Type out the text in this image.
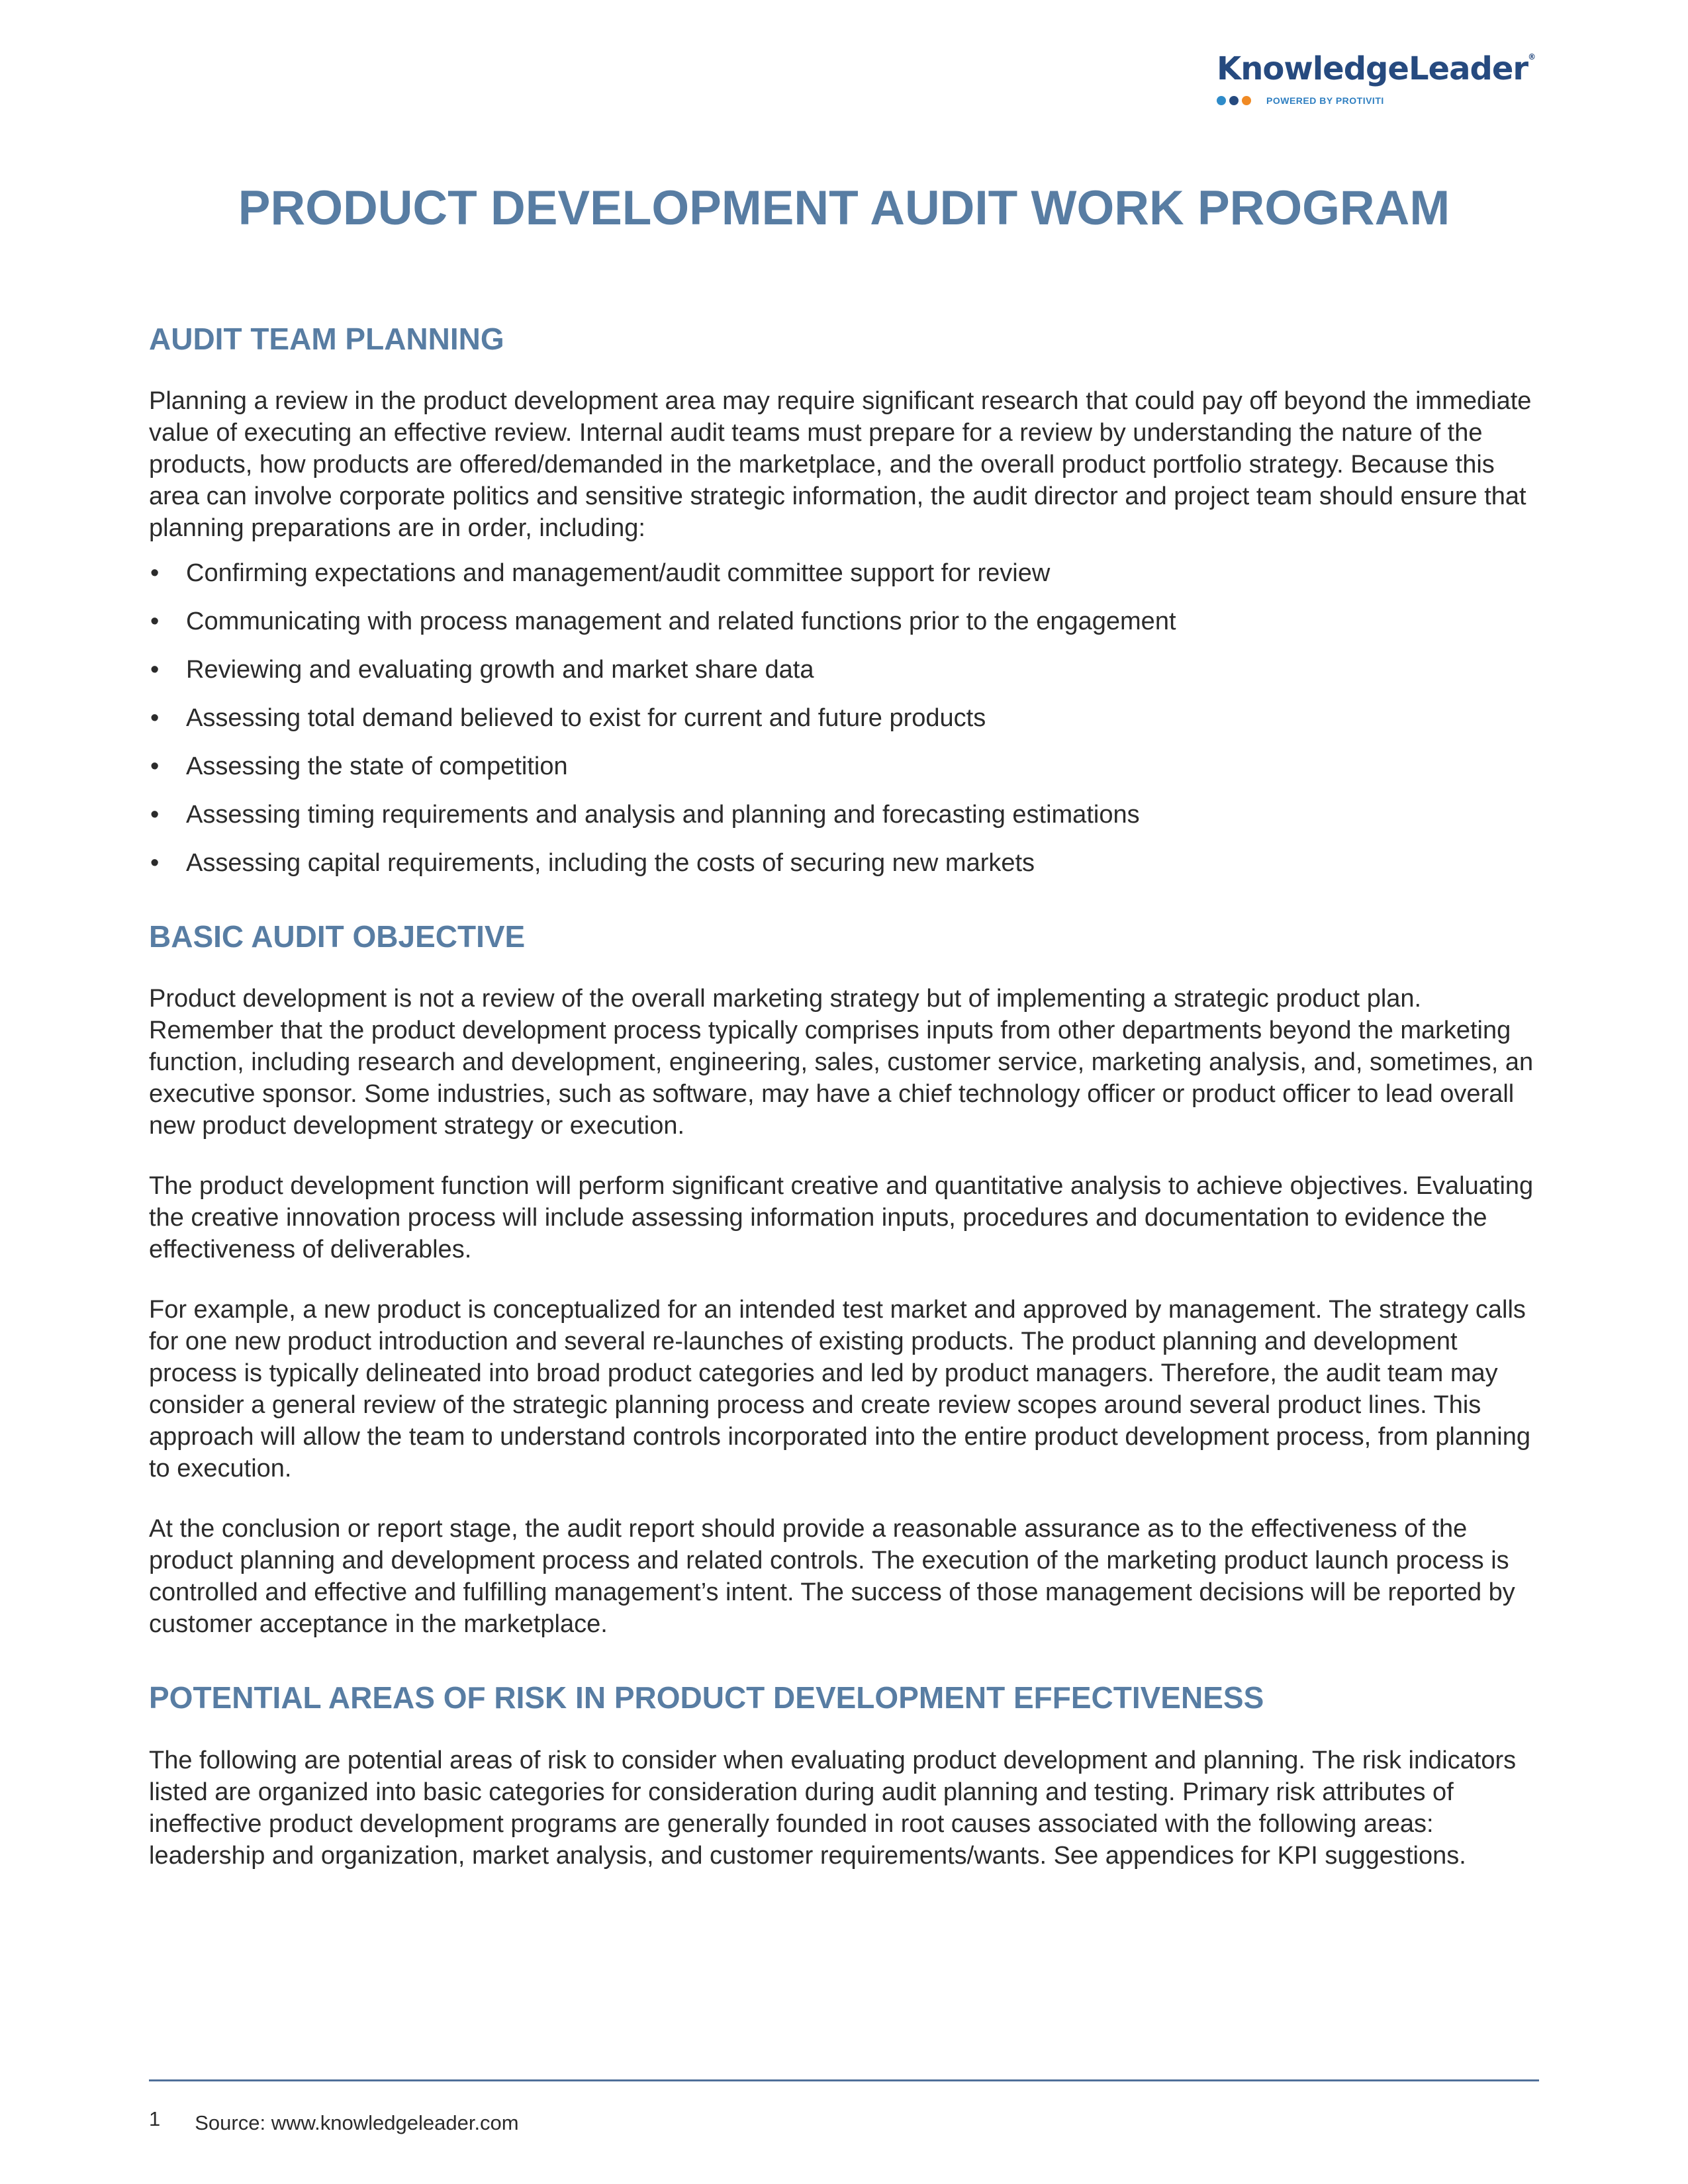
KnowledgeLeader®
POWERED BY PROTIVITI
PRODUCT DEVELOPMENT AUDIT WORK PROGRAM
AUDIT TEAM PLANNING

Planning a review in the product development area may require significant research that could pay off beyond the immediate value of executing an effective review. Internal audit teams must prepare for a review by understanding the nature of the products, how products are offered/demanded in the marketplace, and the overall product portfolio strategy. Because this area can involve corporate politics and sensitive strategic information, the audit director and project team should ensure that planning preparations are in order, including:

• Confirming expectations and management/audit committee support for review
• Communicating with process management and related functions prior to the engagement
• Reviewing and evaluating growth and market share data
• Assessing total demand believed to exist for current and future products
• Assessing the state of competition
• Assessing timing requirements and analysis and planning and forecasting estimations
• Assessing capital requirements, including the costs of securing new markets
BASIC AUDIT OBJECTIVE

Product development is not a review of the overall marketing strategy but of implementing a strategic product plan. Remember that the product development process typically comprises inputs from other departments beyond the marketing function, including research and development, engineering, sales, customer service, marketing analysis, and, sometimes, an executive sponsor. Some industries, such as software, may have a chief technology officer or product officer to lead overall new product development strategy or execution.

The product development function will perform significant creative and quantitative analysis to achieve objectives. Evaluating the creative innovation process will include assessing information inputs, procedures and documentation to evidence the effectiveness of deliverables.

For example, a new product is conceptualized for an intended test market and approved by management. The strategy calls for one new product introduction and several re-launches of existing products. The product planning and development process is typically delineated into broad product categories and led by product managers. Therefore, the audit team may consider a general review of the strategic planning process and create review scopes around several product lines. This approach will allow the team to understand controls incorporated into the entire product development process, from planning to execution.

At the conclusion or report stage, the audit report should provide a reasonable assurance as to the effectiveness of the product planning and development process and related controls. The execution of the marketing product launch process is controlled and effective and fulfilling management’s intent. The success of those management decisions will be reported by customer acceptance in the marketplace.

POTENTIAL AREAS OF RISK IN PRODUCT DEVELOPMENT EFFECTIVENESS

The following are potential areas of risk to consider when evaluating product development and planning. The risk indicators listed are organized into basic categories for consideration during audit planning and testing. Primary risk attributes of ineffective product development programs are generally founded in root causes associated with the following areas: leadership and organization, market analysis, and customer requirements/wants. See appendices for KPI suggestions.

1 Source: www.knowledgeleader.com
